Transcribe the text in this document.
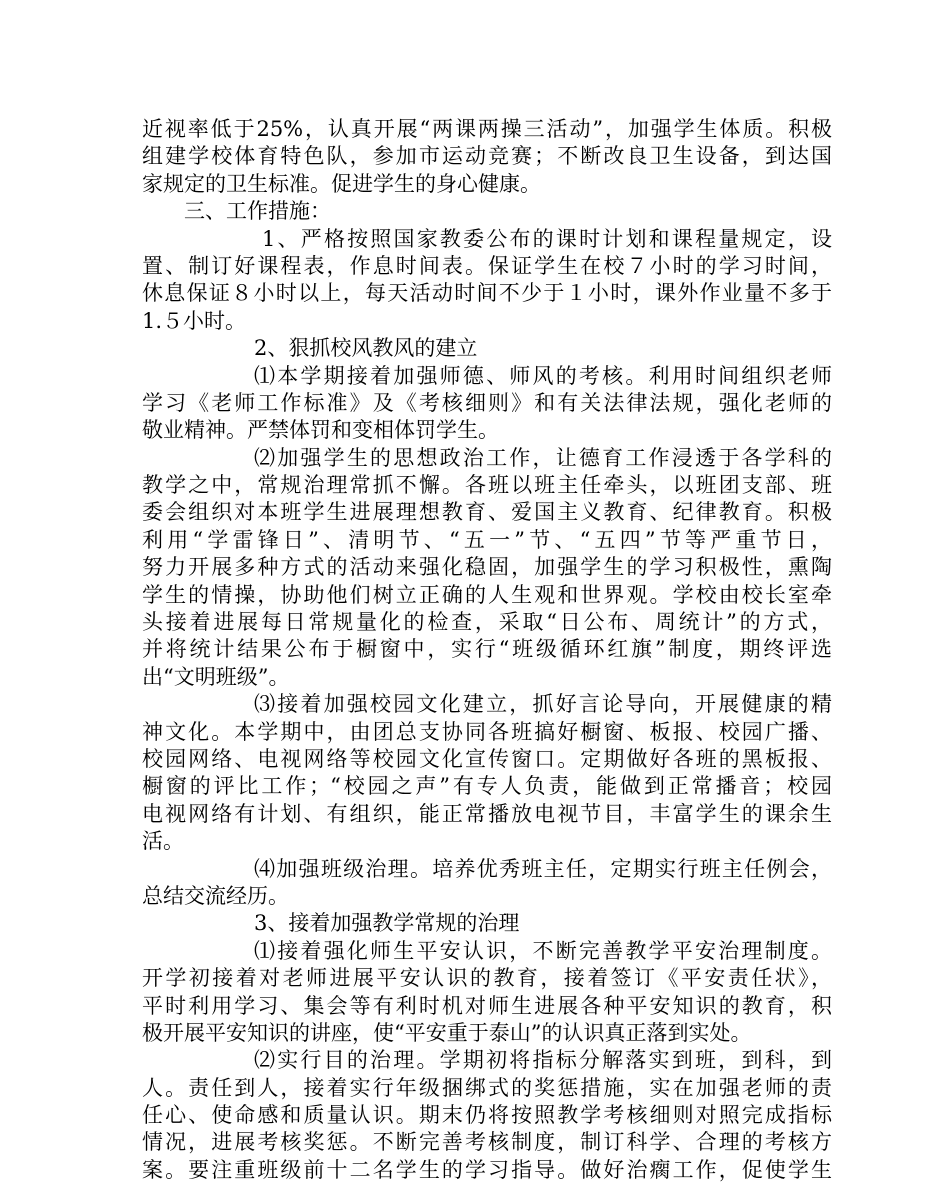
近视率低于25%，认真开展“两课两操三活动”，加强学生体质。积极
组建学校体育特色队，参加市运动竞赛；不断改良卫生设备，到达国
家规定的卫生标准。促进学生的身心健康。
三、工作措施：
1、严格按照国家教委公布的课时计划和课程量规定，设
置、制订好课程表，作息时间表。保证学生在校７小时的学习时间，
休息保证８小时以上，每天活动时间不少于１小时，课外作业量不多于
1.５小时。
2、狠抓校风教风的建立
⑴本学期接着加强师德、师风的考核。利用时间组织老师
学习《老师工作标准》及《考核细则》和有关法律法规，强化老师的
敬业精神。严禁体罚和变相体罚学生。
⑵加强学生的思想政治工作，让德育工作浸透于各学科的
教学之中，常规治理常抓不懈。各班以班主任牵头，以班团支部、班
委会组织对本班学生进展理想教育、爱国主义教育、纪律教育。积极
利用“学雷锋日”、清明节、“五一”节、“五四”节等严重节日，
努力开展多种方式的活动来强化稳固，加强学生的学习积极性，熏陶
学生的情操，协助他们树立正确的人生观和世界观。学校由校长室牵
头接着进展每日常规量化的检查，采取“日公布、周统计”的方式，
并将统计结果公布于橱窗中，实行“班级循环红旗”制度，期终评选
出“文明班级”。
⑶接着加强校园文化建立，抓好言论导向，开展健康的精
神文化。本学期中，由团总支协同各班搞好橱窗、板报、校园广播、
校园网络、电视网络等校园文化宣传窗口。定期做好各班的黑板报、
橱窗的评比工作；“校园之声”有专人负责，能做到正常播音；校园
电视网络有计划、有组织，能正常播放电视节目，丰富学生的课余生
活。
⑷加强班级治理。培养优秀班主任，定期实行班主任例会，
总结交流经历。
3、接着加强教学常规的治理
⑴接着强化师生平安认识，不断完善教学平安治理制度。
开学初接着对老师进展平安认识的教育，接着签订《平安责任状》，
平时利用学习、集会等有利时机对师生进展各种平安知识的教育，积
极开展平安知识的讲座，使“平安重于泰山”的认识真正落到实处。
⑵实行目的治理。学期初将指标分解落实到班，到科，到
人。责任到人，接着实行年级捆绑式的奖惩措施，实在加强老师的责
任心、使命感和质量认识。期末仍将按照教学考核细则对照完成指标
情况，进展考核奖惩。不断完善考核制度，制订科学、合理的考核方
案。要注重班级前十二名学生的学习指导。做好治瘸工作，促使学生
